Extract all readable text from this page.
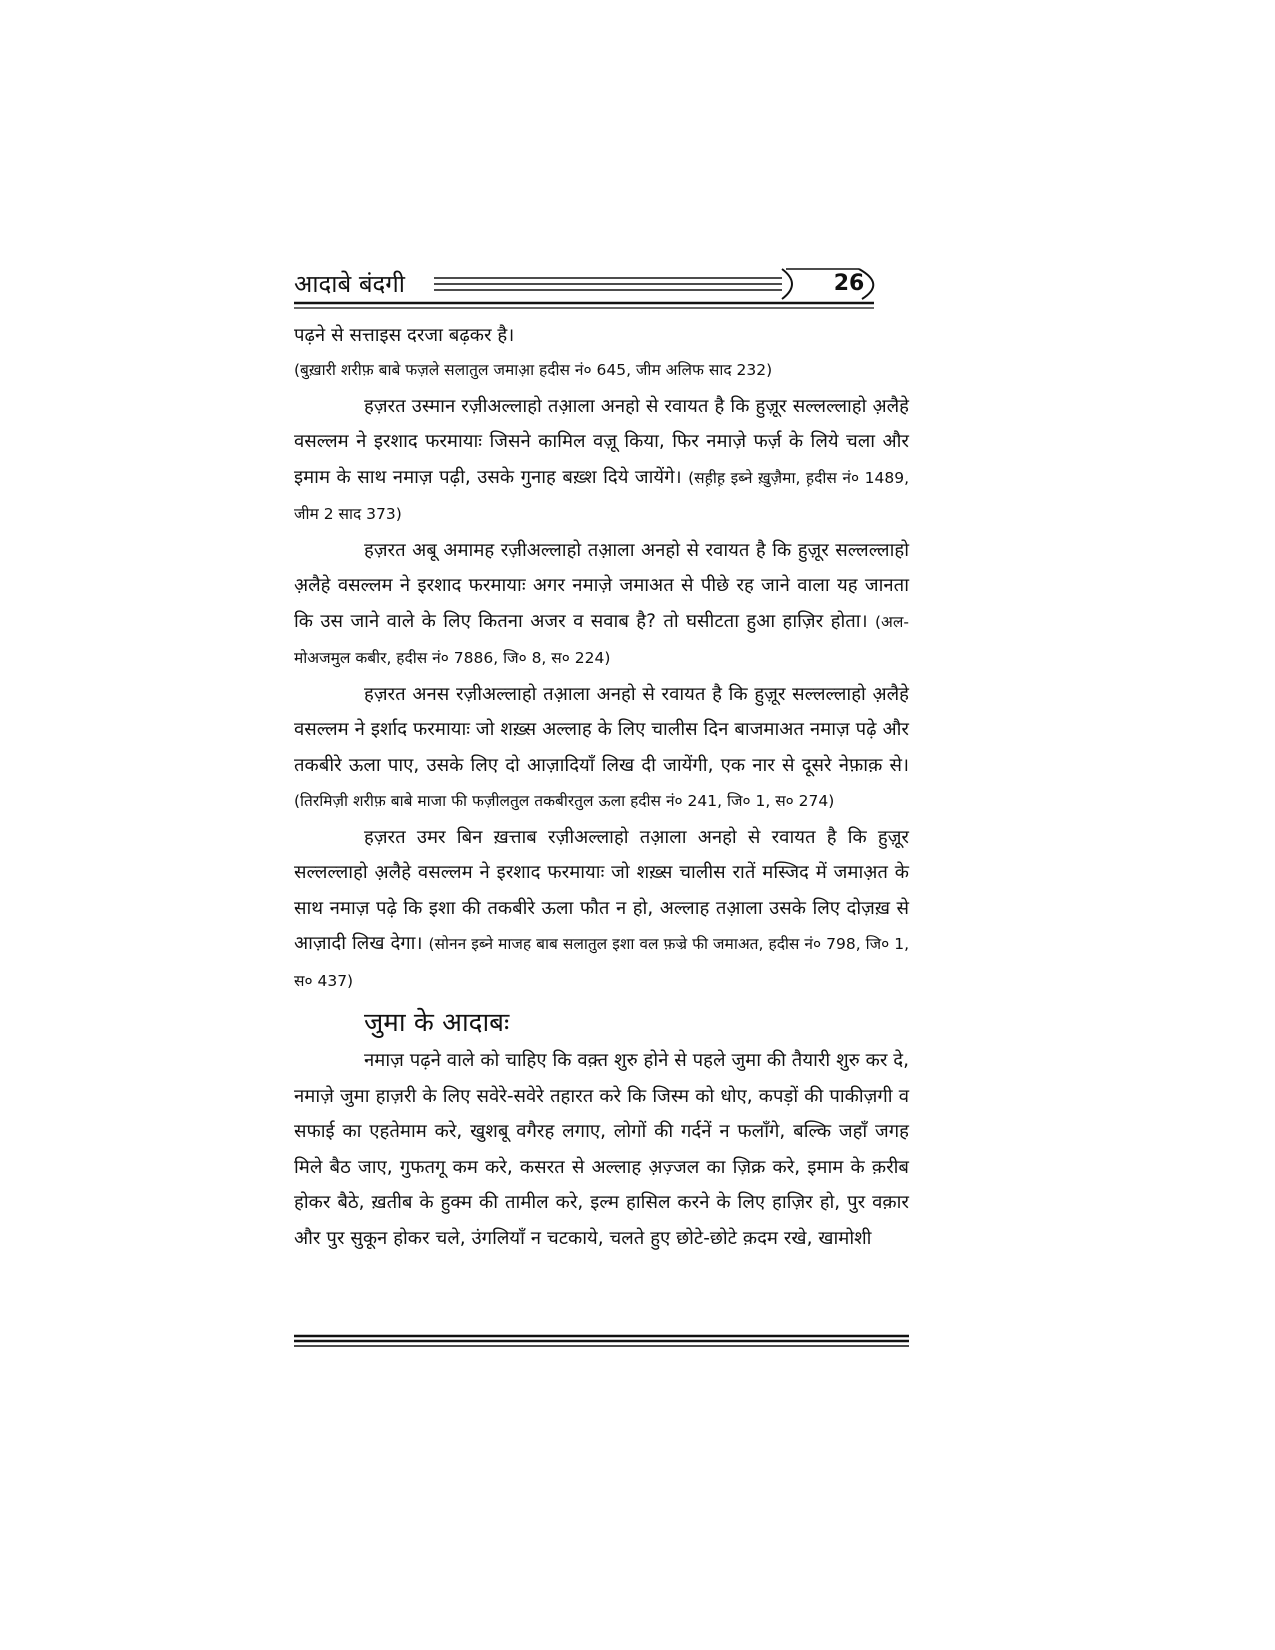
आदाबे बंदगी	26

पढ़ने से सत्ताइस दरजा बढ़कर है।

(बुख़ारी शरीफ़ बाबे फज़ले सलातुल जमाअ़ा हदीस नं० 645, जीम अलिफ साद 232)

हज़रत उस्मान रज़ीअल्लाहो तआ़ला अनहो से रवायत है कि हुज़ूर सल्लल्लाहो अ़लैहे वसल्लम ने इरशाद फरमायाः जिसने कामिल वज़ू किया, फिर नमाज़े फर्ज़ के लिये चला और इमाम के साथ नमाज़ पढ़ी, उसके गुनाह बख़्श दिये जायेंगे। (सह़ीह़ इब्ने ख़ुज़ैमा, ह़दीस नं० 1489, जीम 2 साद 373)

हज़रत अबू अमामह रज़ीअल्लाहो तआ़ला अनहो से रवायत है कि हुज़ूर सल्लल्लाहो अ़लैहे वसल्लम ने इरशाद फरमायाः अगर नमाज़े जमाअत से पीछे रह जाने वाला यह जानता कि उस जाने वाले के लिए कितना अजर व सवाब है? तो घसीटता हुआ हाज़िर होता। (अल-मोअजमुल कबीर, हदीस नं० 7886, जि० 8, स० 224)

हज़रत अनस रज़ीअल्लाहो तआ़ला अनहो से रवायत है कि हुज़ूर सल्लल्लाहो अ़लैहे वसल्लम ने इर्शाद फरमायाः जो शख़्स अल्लाह के लिए चालीस दिन बाजमाअत नमाज़ पढ़े और तकबीरे ऊला पाए, उसके लिए दो आज़ादियाँ लिख दी जायेंगी, एक नार से दूसरे नेफ़ाक़ से। (तिरमिज़ी शरीफ़ बाबे माजा फी फज़ीलतुल तकबीरतुल ऊला हदीस नं० 241, जि० 1, स० 274)

हज़रत उमर बिन ख़त्ताब रज़ीअल्लाहो तआ़ला अनहो से रवायत है कि हुज़ूर सल्लल्लाहो अ़लैहे वसल्लम ने इरशाद फरमायाः जो शख़्स चालीस रातें मस्जिद में जमाअ़त के साथ नमाज़ पढ़े कि इशा की तकबीरे ऊला फौत न हो, अल्लाह तआ़ला उसके लिए दोज़ख़ से आज़ादी लिख देगा। (सोनन इब्ने माजह बाब सलातुल इशा वल फ़ज्रे फी जमाअत, हदीस नं० 798, जि० 1, स० 437)

जुमा के आदाबः

नमाज़ पढ़ने वाले को चाहिए कि वक़्त शुरु होने से पहले जुमा की तैयारी शुरु कर दे, नमाज़े जुमा हाज़री के लिए सवेरे-सवेरे तहारत करे कि जिस्म को धोए, कपड़ों की पाकीज़गी व सफाई का एहतेमाम करे, खुशबू वगैरह लगाए, लोगों की गर्दनें न फलाँगे, बल्कि जहाँ जगह मिले बैठ जाए, गुफतगू कम करे, कसरत से अल्लाह अ़ज़्जल का ज़िक्र करे, इमाम के क़रीब होकर बैठे, ख़तीब के हुक्म की तामील करे, इल्म हासिल करने के लिए हाज़िर हो, पुर वक़ार और पुर सुकून होकर चले, उंगलियाँ न चटकाये, चलते हुए छोटे-छोटे क़दम रखे, खामोशी
